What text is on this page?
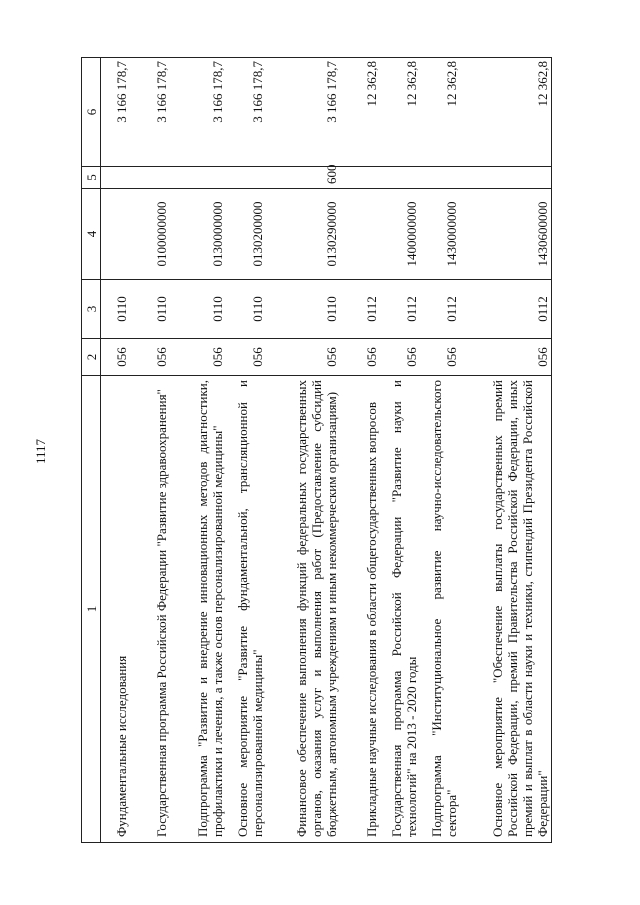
1117
1	2	3	4	5	6
Фундаментальные исследования	056	0110			3 166 178,7
Государственная программа Российской Федерации "Развитие здравоохранения"	056	0110	0100000000		3 166 178,7
Подпрограмма "Развитие и внедрение инновационных методов диагностики, профилактики и лечения, а также основ персонализированной медицины"	056	0110	0130000000		3 166 178,7
Основное мероприятие "Развитие фундаментальной, трансляционной и персонализированной медицины"	056	0110	0130200000		3 166 178,7
Финансовое обеспечение выполнения функций федеральных государственных органов, оказания услуг и выполнения работ (Предоставление субсидий бюджетным, автономным учреждениям и иным некоммерческим организациям)	056	0110	0130290000	600	3 166 178,7
Прикладные научные исследования в области общегосударственных вопросов	056	0112			12 362,8
Государственная программа Российской Федерации "Развитие науки и технологий" на 2013 - 2020 годы	056	0112	1400000000		12 362,8
Подпрограмма "Институциональное развитие научно-исследовательского сектора"	056	0112	1430000000		12 362,8
Основное мероприятие "Обеспечение выплаты государственных премий Российской Федерации, премий Правительства Российской Федерации, иных премий и выплат в области науки и техники, стипендий Президента Российской Федерации"	056	0112	1430600000		12 362,8
